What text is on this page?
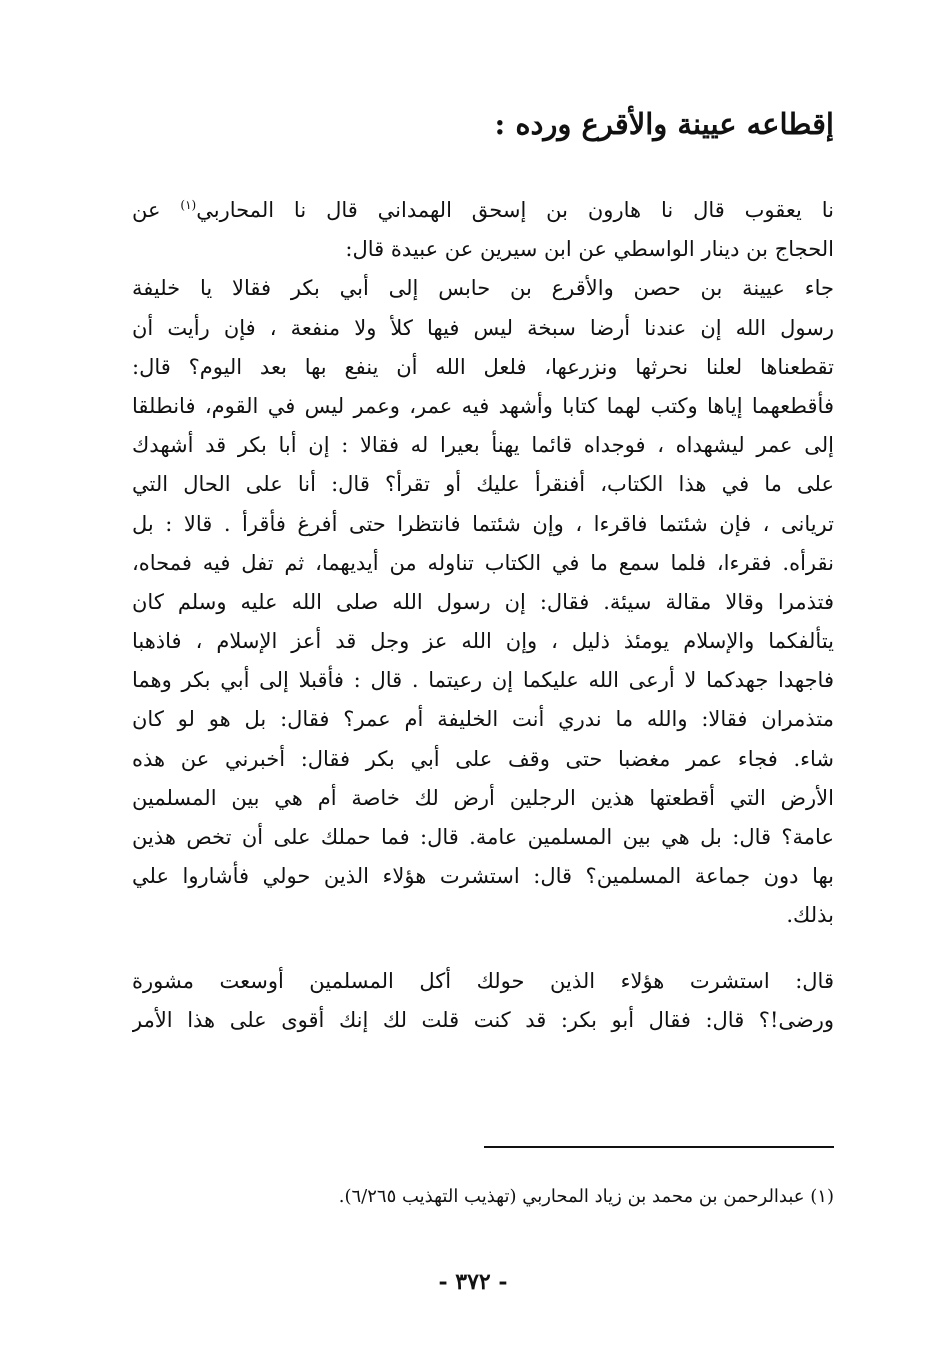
إقطاعه عيينة والأقرع ورده :
نا يعقوب قال نا هارون بن إسحق الهمداني قال نا المحاربي$^{(١)}$ عن
الحجاج بن دينار الواسطي عن ابن سيرين عن عبيدة قال:
جاء عيينة بن حصن والأقرع بن حابس إلى أبي بكر فقالا يا خليفة
رسول الله إن عندنا أرضا سبخة ليس فيها كلأ ولا منفعة ، فإن رأيت أن
تقطعناها لعلنا نحرثها ونزرعها، فلعل الله أن ينفع بها بعد اليوم؟ قال:
فأقطعهما إياها وكتب لهما كتابا وأشهد فيه عمر، وعمر ليس في القوم، فانطلقا
إلى عمر ليشهداه ، فوجداه قائما يهنأ بعيرا له فقالا : إن أبا بكر قد أشهدك
على ما في هذا الكتاب، أفنقرأ عليك أو تقرأ؟ قال: أنا على الحال التي
تريانى ، فإن شئتما فاقرءا ، وإن شئتما فانتظرا حتى أفرغ فأقرأ . قالا : بل
نقرأه. فقرءا، فلما سمع ما في الكتاب تناوله من أيديهما، ثم تفل فيه فمحاه،
فتذمرا وقالا مقالة سيئة. فقال: إن رسول الله صلى الله عليه وسلم كان
يتألفكما والإسلام يومئذ ذليل ، وإن الله عز وجل قد أعز الإسلام ، فاذهبا
فاجهدا جهدكما لا أرعى الله عليكما إن رعيتما . قال : فأقبلا إلى أبي بكر وهما
متذمران فقالا: والله ما ندري أنت الخليفة أم عمر؟ فقال: بل هو لو كان
شاء. فجاء عمر مغضبا حتى وقف على أبي بكر فقال: أخبرني عن هذه
الأرض التي أقطعتها هذين الرجلين أرض لك خاصة أم هي بين المسلمين
عامة؟ قال: بل هي بين المسلمين عامة. قال: فما حملك على أن تخص هذين
بها دون جماعة المسلمين؟ قال: استشرت هؤلاء الذين حولي فأشاروا علي
بذلك.
قال: استشرت هؤلاء الذين حولك أكل المسلمين أوسعت مشورة
ورضى!؟ قال: فقال أبو بكر: قد كنت قلت لك إنك أقوى على هذا الأمر
(١) عبدالرحمن بن محمد بن زياد المحاربي (تهذيب التهذيب ٦/٢٦٥).
- ٣٧٢ -
